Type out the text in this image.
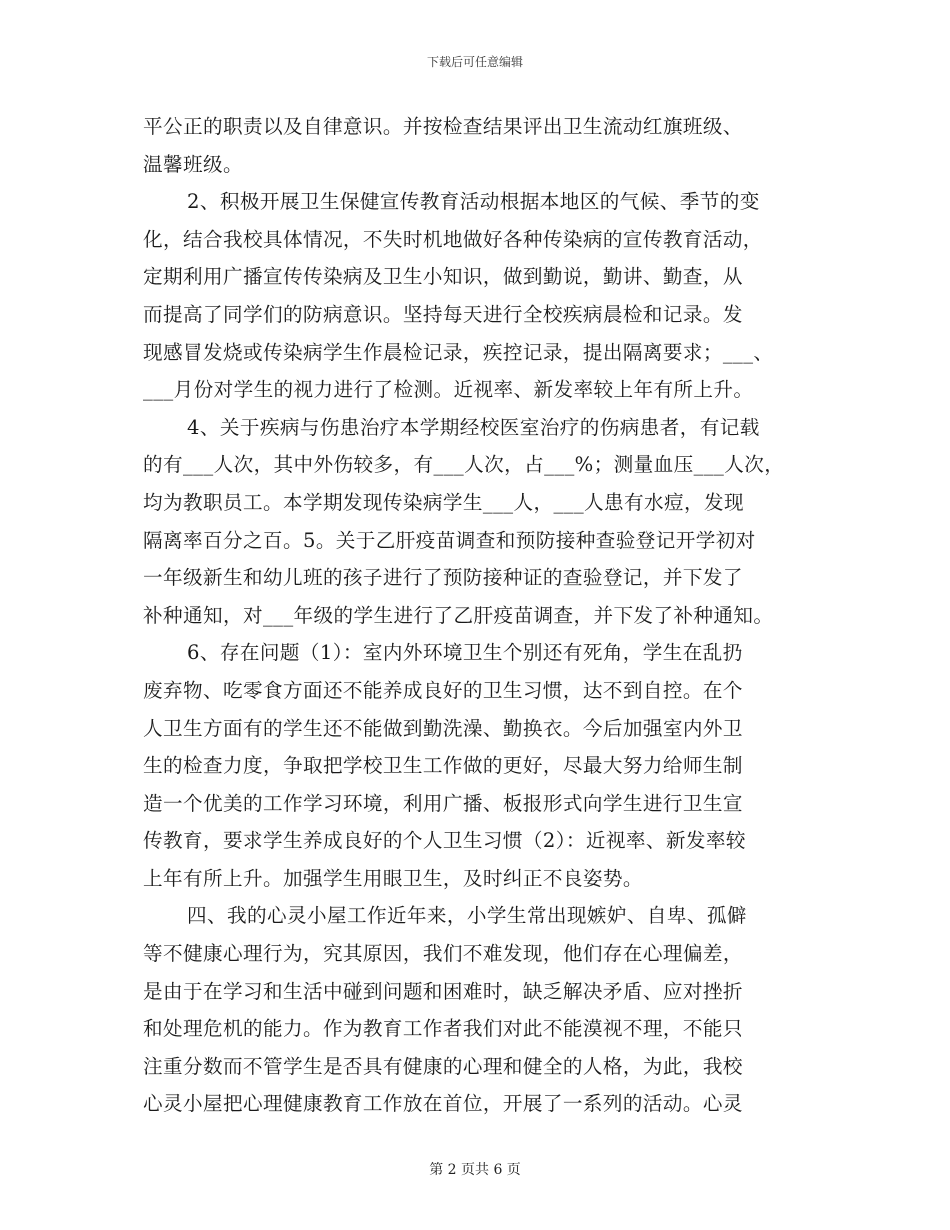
下载后可任意编辑
平公正的职责以及自律意识。并按检查结果评出卫生流动红旗班级、
温馨班级。
2、积极开展卫生保健宣传教育活动根据本地区的气候、季节的变
化，结合我校具体情况，不失时机地做好各种传染病的宣传教育活动，
定期利用广播宣传传染病及卫生小知识，做到勤说，勤讲、勤查，从
而提高了同学们的防病意识。坚持每天进行全校疾病晨检和记录。发
现感冒发烧或传染病学生作晨检记录，疾控记录，提出隔离要求；___、
___月份对学生的视力进行了检测。近视率、新发率较上年有所上升。
4、关于疾病与伤患治疗本学期经校医室治疗的伤病患者，有记载
的有___人次，其中外伤较多，有___人次，占___%；测量血压___人次，
均为教职员工。本学期发现传染病学生___人，___人患有水痘，发现
隔离率百分之百。5。关于乙肝疫苗调查和预防接种查验登记开学初对
一年级新生和幼儿班的孩子进行了预防接种证的查验登记，并下发了
补种通知，对___年级的学生进行了乙肝疫苗调查，并下发了补种通知。
6、存在问题（1）：室内外环境卫生个别还有死角，学生在乱扔
废弃物、吃零食方面还不能养成良好的卫生习惯，达不到自控。在个
人卫生方面有的学生还不能做到勤洗澡、勤换衣。今后加强室内外卫
生的检查力度，争取把学校卫生工作做的更好，尽最大努力给师生制
造一个优美的工作学习环境，利用广播、板报形式向学生进行卫生宣
传教育，要求学生养成良好的个人卫生习惯（2）：近视率、新发率较
上年有所上升。加强学生用眼卫生，及时纠正不良姿势。
四、我的心灵小屋工作近年来，小学生常出现嫉妒、自卑、孤僻
等不健康心理行为，究其原因，我们不难发现，他们存在心理偏差，
是由于在学习和生活中碰到问题和困难时，缺乏解决矛盾、应对挫折
和处理危机的能力。作为教育工作者我们对此不能漠视不理，不能只
注重分数而不管学生是否具有健康的心理和健全的人格，为此，我校
心灵小屋把心理健康教育工作放在首位，开展了一系列的活动。心灵
第 2 页共 6 页
